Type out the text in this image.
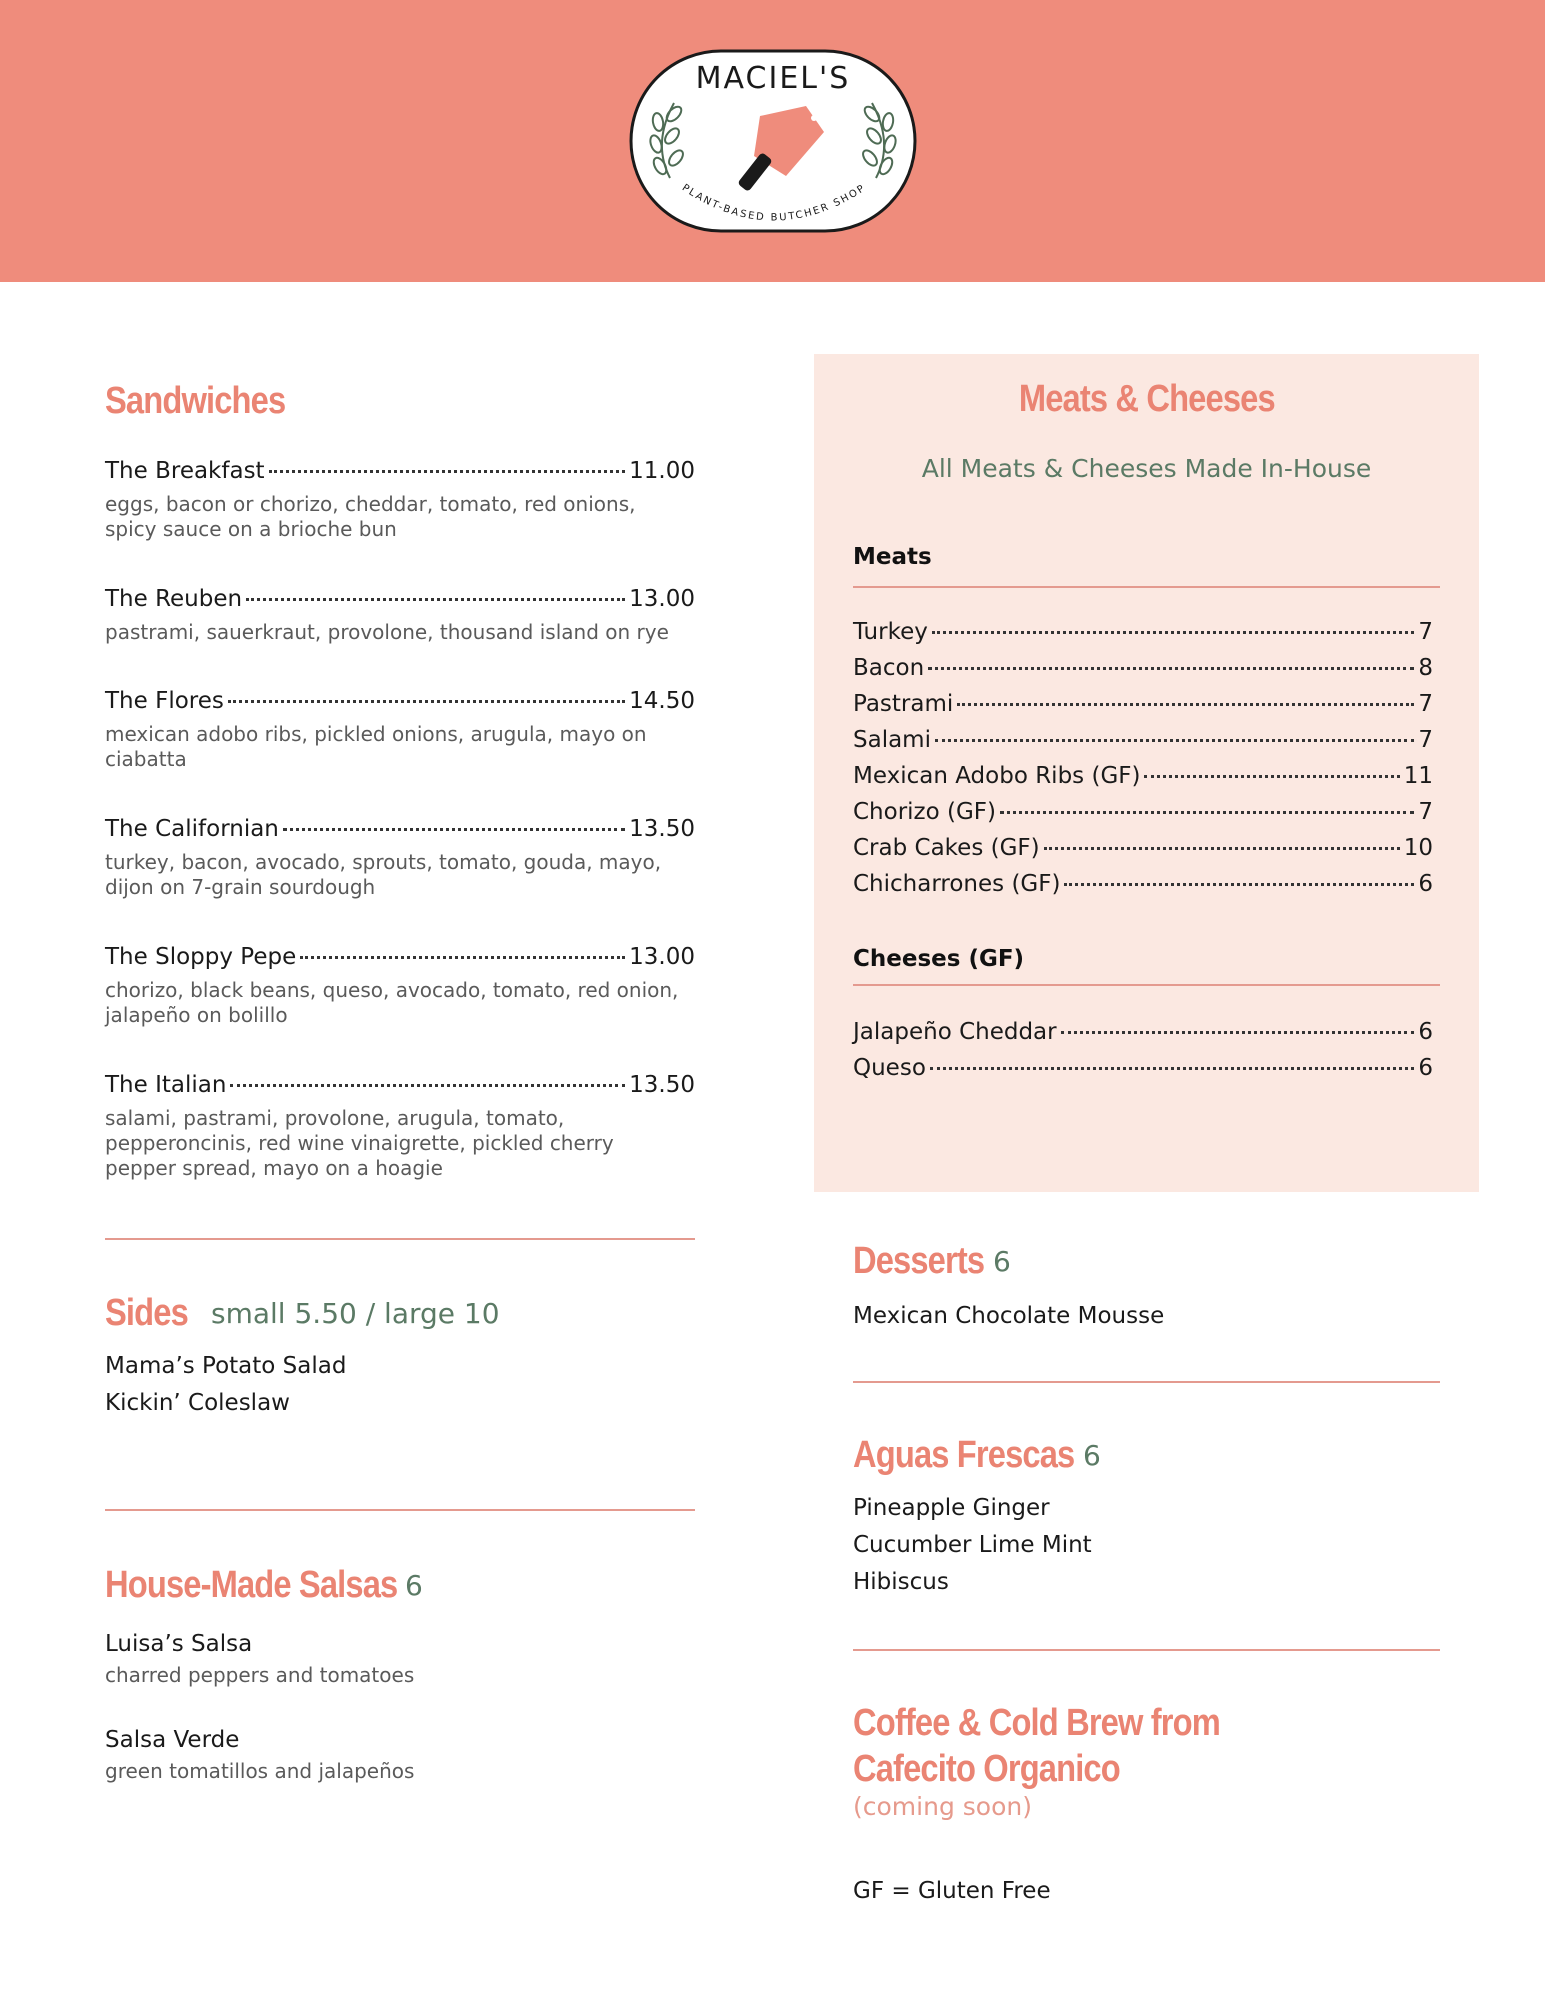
MACIEL'S
PLANT-BASED BUTCHER SHOP
Sandwiches
The Breakfast	11.00
eggs, bacon or chorizo, cheddar, tomato, red onions, spicy sauce on a brioche bun
The Reuben	13.00
pastrami, sauerkraut, provolone, thousand island on rye
The Flores	14.50
mexican adobo ribs, pickled onions, arugula, mayo on ciabatta
The Californian	13.50
turkey, bacon, avocado, sprouts, tomato, gouda, mayo, dijon on 7-grain sourdough
The Sloppy Pepe	13.00
chorizo, black beans, queso, avocado, tomato, red onion, jalapeño on bolillo
The Italian	13.50
salami, pastrami, provolone, arugula, tomato, pepperoncinis, red wine vinaigrette, pickled cherry pepper spread, mayo on a hoagie
Sides small 5.50 / large 10
Mama’s Potato Salad
Kickin’ Coleslaw
House-Made Salsas 6
Luisa’s Salsa
charred peppers and tomatoes
Salsa Verde
green tomatillos and jalapeños
Meats & Cheeses
All Meats & Cheeses Made In-House
Meats
Turkey	7
Bacon	8
Pastrami	7
Salami	7
Mexican Adobo Ribs (GF)	11
Chorizo (GF)	7
Crab Cakes (GF)	10
Chicharrones (GF)	6
Cheeses (GF)
Jalapeño Cheddar	6
Queso	6
Desserts 6
Mexican Chocolate Mousse
Aguas Frescas 6
Pineapple Ginger
Cucumber Lime Mint
Hibiscus
Coffee & Cold Brew from
Cafecito Organico
(coming soon)
GF = Gluten Free
